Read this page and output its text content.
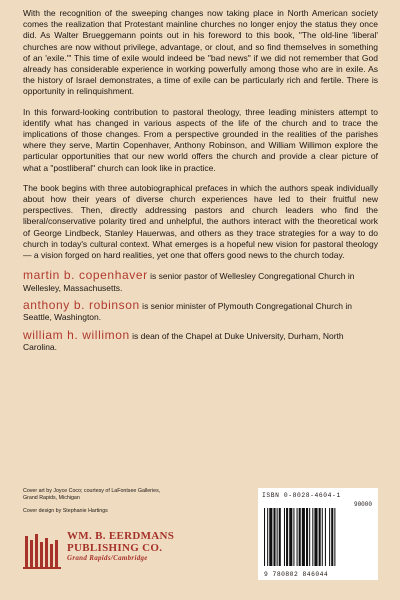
With the recognition of the sweeping changes now taking place in North American society comes the realization that Protestant mainline churches no longer enjoy the status they once did. As Walter Brueggemann points out in his foreword to this book, "The old-line 'liberal' churches are now without privilege, advantage, or clout, and so find themselves in something of an 'exile.'" This time of exile would indeed be "bad news" if we did not remember that God already has considerable experience in working powerfully among those who are in exile. As the history of Israel demonstrates, a time of exile can be particularly rich and fertile. There is opportunity in relinquishment.

In this forward-looking contribution to pastoral theology, three leading ministers attempt to identify what has changed in various aspects of the life of the church and to trace the implications of those changes. From a perspective grounded in the realities of the parishes where they serve, Martin Copenhaver, Anthony Robinson, and William Willimon explore the particular opportunities that our new world offers the church and provide a clear picture of what a "postliberal" church can look like in practice.

The book begins with three autobiographical prefaces in which the authors speak individually about how their years of diverse church experiences have led to their fruitful new perspectives. Then, directly addressing pastors and church leaders who find the liberal/conservative polarity tired and unhelpful, the authors interact with the theoretical work of George Lindbeck, Stanley Hauerwas, and others as they trace strategies for a way to do church in today's cultural context. What emerges is a hopeful new vision for pastoral theology — a vision forged on hard realities, yet one that offers good news to the church today.

martin b. copenhaver is senior pastor of Wellesley Congregational Church in Wellesley, Massachusetts.

anthony b. robinson is senior minister of Plymouth Congregational Church in Seattle, Washington.

william h. willimon is dean of the Chapel at Duke University, Durham, North Carolina.

Cover art by Joyce Coco; courtesy of LaFontsee Galleries,
Grand Rapids, Michigan
Cover design by Stephanie Hartings
WM. B. EERDMANS
PUBLISHING CO.
Grand Rapids/Cambridge
ISBN 0-8028-4604-1
90000
9 780802 846044
